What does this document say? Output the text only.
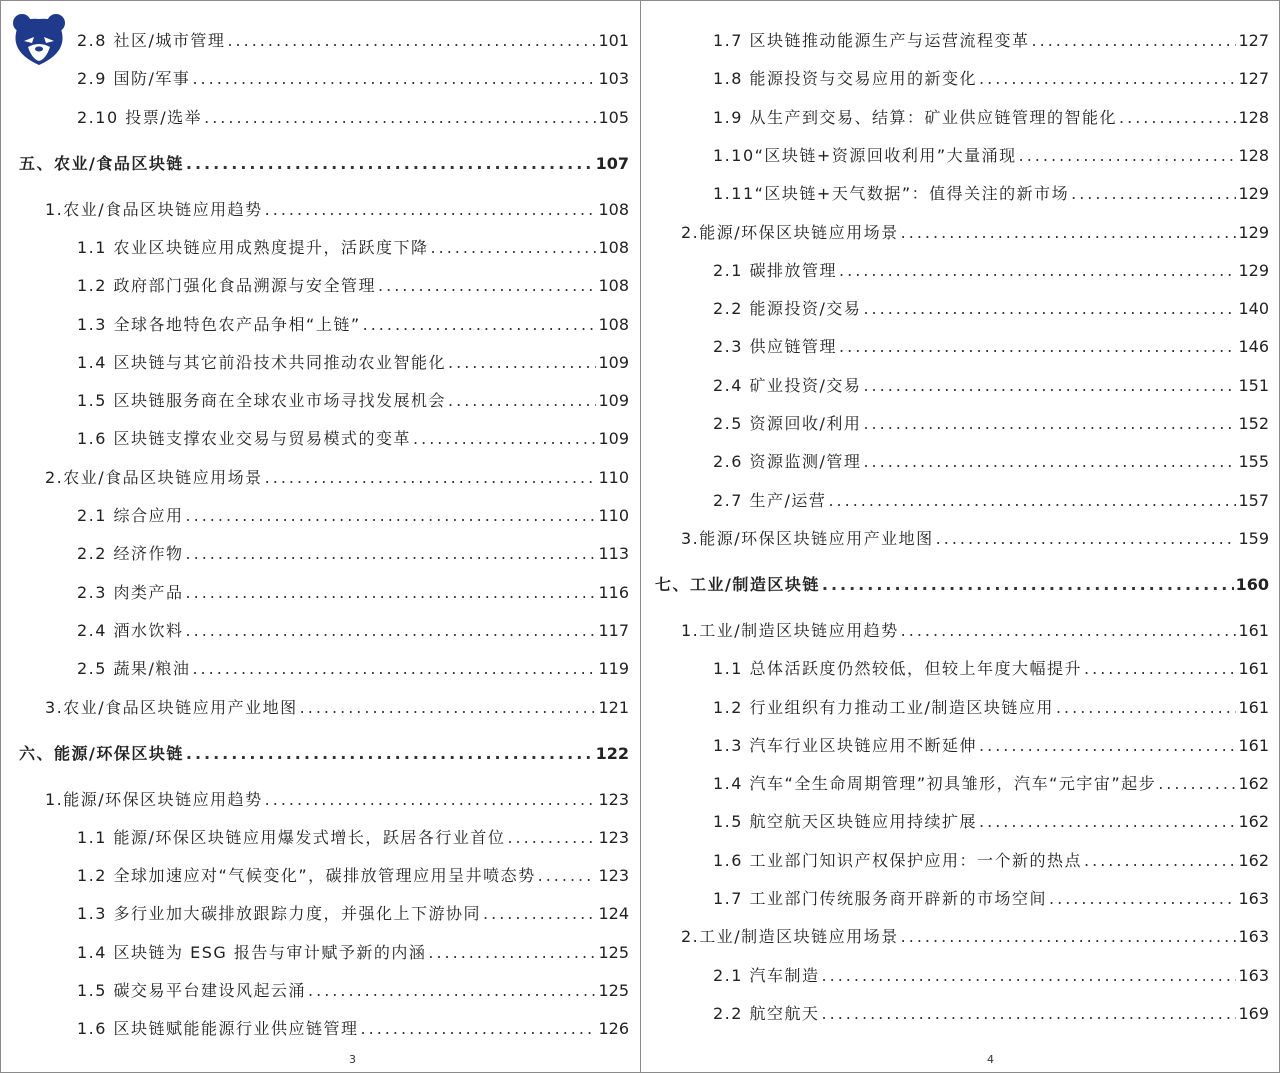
2.8 社区/城市管理 .....	101
2.9 国防/军事 .....	103
2.10 投票/选举 .....	105
五、农业/食品区块链 .....	107
1.农业/食品区块链应用趋势 .....	108
1.1 农业区块链应用成熟度提升，活跃度下降 .....	108
1.2 政府部门强化食品溯源与安全管理 .....	108
1.3 全球各地特色农产品争相“上链” .....	108
1.4 区块链与其它前沿技术共同推动农业智能化 .....	109
1.5 区块链服务商在全球农业市场寻找发展机会 .....	109
1.6 区块链支撑农业交易与贸易模式的变革 .....	109
2.农业/食品区块链应用场景 .....	110
2.1 综合应用 .....	110
2.2 经济作物 .....	113
2.3 肉类产品 .....	116
2.4 酒水饮料 .....	117
2.5 蔬果/粮油 .....	119
3.农业/食品区块链应用产业地图 .....	121
六、能源/环保区块链 .....	122
1.能源/环保区块链应用趋势 .....	123
1.1 能源/环保区块链应用爆发式增长，跃居各行业首位 .....	123
1.2 全球加速应对“气候变化”，碳排放管理应用呈井喷态势 .....	123
1.3 多行业加大碳排放跟踪力度，并强化上下游协同 .....	124
1.4 区块链为 ESG 报告与审计赋予新的内涵 .....	125
1.5 碳交易平台建设风起云涌 .....	125
1.6 区块链赋能能源行业供应链管理 .....	126
3
1.7 区块链推动能源生产与运营流程变革 .....	127
1.8 能源投资与交易应用的新变化 .....	127
1.9 从生产到交易、结算：矿业供应链管理的智能化 .....	128
1.10“区块链+资源回收利用”大量涌现 .....	128
1.11“区块链+天气数据”：值得关注的新市场 .....	129
2.能源/环保区块链应用场景 .....	129
2.1 碳排放管理 .....	129
2.2 能源投资/交易 .....	140
2.3 供应链管理 .....	146
2.4 矿业投资/交易 .....	151
2.5 资源回收/利用 .....	152
2.6 资源监测/管理 .....	155
2.7 生产/运营 .....	157
3.能源/环保区块链应用产业地图 .....	159
七、工业/制造区块链 .....	160
1.工业/制造区块链应用趋势 .....	161
1.1 总体活跃度仍然较低，但较上年度大幅提升 .....	161
1.2 行业组织有力推动工业/制造区块链应用 .....	161
1.3 汽车行业区块链应用不断延伸 .....	161
1.4 汽车“全生命周期管理”初具雏形，汽车“元宇宙”起步 .....	162
1.5 航空航天区块链应用持续扩展 .....	162
1.6 工业部门知识产权保护应用：一个新的热点 .....	162
1.7 工业部门传统服务商开辟新的市场空间 .....	163
2.工业/制造区块链应用场景 .....	163
2.1 汽车制造 .....	163
2.2 航空航天 .....	169
4
